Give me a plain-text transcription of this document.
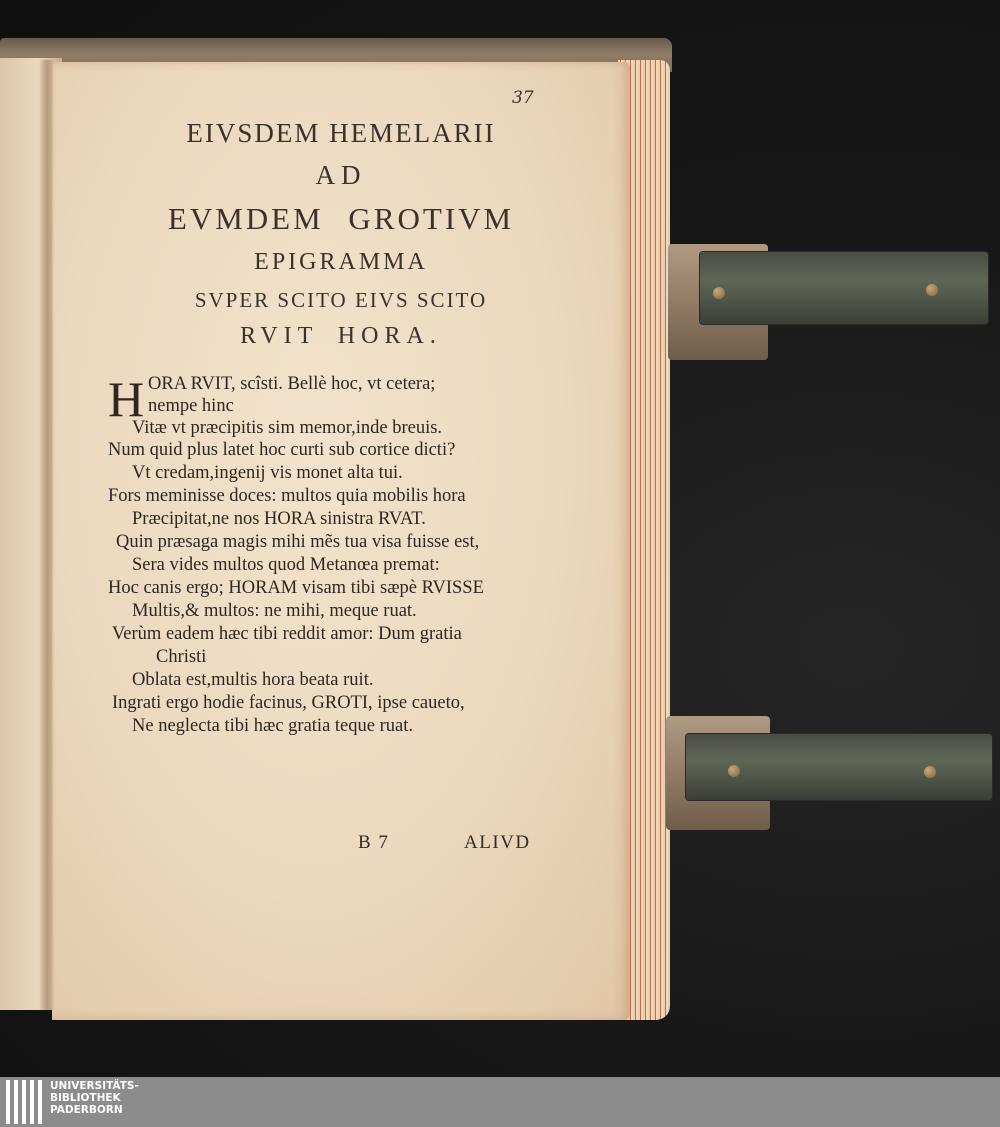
37
EIVSDEM HEMELARII
AD
EVMDEM GROTIVM
EPIGRAMMA
SVPER SCITO EIVS SCITO
RVIT HORA.
H ORA RVIT, scîsti. Bellè hoc, vt cetera;
nempe hinc
Vitæ vt præcipitis sim memor,inde breuis.
Num quid plus latet hoc curti sub cortice dicti?
Vt credam,ingenij vis monet alta tui.
Fors meminisse doces: multos quia mobilis hora
Præcipitat,ne nos HORA sinistra RVAT.
Quin præsaga magis mihi mẽs tua visa fuisse est,
Sera vides multos quod Metanœa premat:
Hoc canis ergo; HORAM visam tibi sæpè RVISSE
Multis,& multos: ne mihi, meque ruat.
Verùm eadem hæc tibi reddit amor: Dum gratia
Christi
Oblata est,multis hora beata ruit.
Ingrati ergo hodie facinus, GROTI, ipse caueto,
Ne neglecta tibi hæc gratia teque ruat.
B 7	ALIVD
UNIVERSITÄTS-
BIBLIOTHEK
PADERBORN
